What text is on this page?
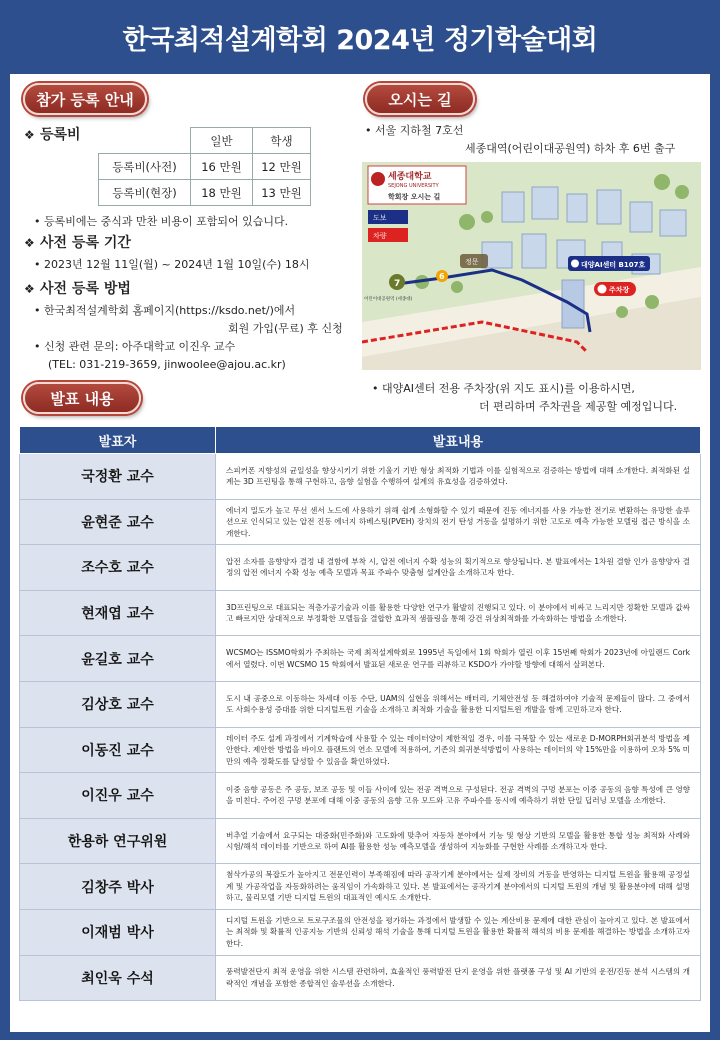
한국최적설계학회 2024년 정기학술대회
참가 등록 안내
❖ 등록비
		일반	학생
등록비(사전)	16 만원	12 만원
등록비(현장)	18 만원	13 만원
• 등록비에는 중식과 만찬 비용이 포함되어 있습니다.
❖ 사전 등록 기간
• 2023년 12월 11일(월) ~ 2024년 1월 10일(수) 18시
❖ 사전 등록 방법
• 한국최적설계학회 홈페이지(https://ksdo.net/)에서
회원 가입(무료) 후 신청
• 신청 관련 문의: 아주대학교 이진우 교수
(TEL: 031-219-3659, jinwoolee@ajou.ac.kr)
오시는 길
• 서울 지하철 7호선
세종대역(어린이대공원역) 하차 후 6번 출구
세종대학교
SEJONG UNIVERSITY
학회장 오시는 길
도보
차량
7
어린이대공원역 (세종대)
6
정문	대양AI센터 B107호
주차장
• 대양AI센터 전용 주차장(위 지도 표시)를 이용하시면,
더 편리하며 주차권을 제공할 예정입니다.
발표 내용
발표자	발표내용
국정환 교수	스피커폰 지향성의 균일성을 향상시키기 위한 기울기 기반 형상 최적화 기법과 이를 실험적으로 검증하는 방법에 대해 소개한다. 최적화된 설계는 3D 프린팅을 통해 구현하고, 음향 실험을 수행하여 설계의 유효성을 검증하였다.
윤현준 교수	에너지 밀도가 높고 무선 센서 노드에 사용하기 위해 쉽게 소형화할 수 있기 때문에 진동 에너지를 사용 가능한 전기로 변환하는 유망한 솔루션으로 인식되고 있는 압전 진동 에너지 하베스팅(PVEH) 장치의 전기 탄성 거동을 설명하기 위한 고도로 예측 가능한 모델링 접근 방식을 소개한다.
조수호 교수	압전 소자를 음향양자 결정 내 결함에 부착 시, 압전 에너지 수확 성능의 획기적으로 향상됩니다. 본 발표에서는 1차원 결함 인가 음향양자 결정의 압전 에너지 수확 성능 예측 모델과 목표 주파수 맞춤형 설계안을 소개하고자 한다.
현재엽 교수	3D프린팅으로 대표되는 적층가공기술과 이를 활용한 다양한 연구가 활발히 진행되고 있다. 이 분야에서 비싸고 느리지만 정확한 모델과 값싸고 빠르지만 상대적으로 부정확한 모델들을 결합한 효과적 샘플링을 통해 강건 위상최적화를 가속화하는 방법을 소개한다.
윤길호 교수	WCSMO는 ISSMO학회가 주최하는 국제 최적설계학회로 1995년 독일에서 1회 학회가 열린 이후 15번째 학회가 2023년에 아일랜드 Cork에서 열렸다. 이번 WCSMO 15 학회에서 발표된 새로운 연구를 리뷰하고 KSDO가 가야할 방향에 대해서 살펴본다.
김상호 교수	도시 내 공중으로 이동하는 차세대 이동 수단, UAM의 실현을 위해서는 배터리, 기체안전성 등 해결하여야 기술적 문제들이 많다. 그 중에서도 사회수용성 증대를 위한 디지털트윈 기술을 소개하고 최적화 기술을 활용한 디지털트윈 개발을 함께 고민하고자 한다.
이동진 교수	데이터 주도 설계 과정에서 기계학습에 사용할 수 있는 데이터양이 제한적일 경우, 이를 극복할 수 있는 새로운 D-MORPH회귀분석 방법을 제안한다. 제안한 방법을 바이오 플랜트의 연소 모델에 적용하여, 기존의 회귀분석방법이 사용하는 데이터의 약 15%만을 이용하여 오차 5% 미만의 예측 정확도를 달성할 수 있음을 확인하였다.
이진우 교수	이중 음향 공동은 주 공동, 보조 공동 및 이들 사이에 있는 전공 격벽으로 구성된다. 전공 격벽의 구멍 분포는 이중 공동의 음향 특성에 큰 영향을 미친다. 주어진 구멍 분포에 대해 이중 공동의 음향 고유 모드와 고유 주파수를 동시에 예측하기 위한 단일 딥러닝 모델을 소개한다.
한용하 연구위원	버추얼 기술에서 요구되는 대중화(민주화)와 고도화에 맞추어 자동차 분야에서 기능 및 형상 기반의 모델을 활용한 통합 성능 최적화 사례와 시험/해석 데이터를 기반으로 하여 AI를 활용한 성능 예측모델을 생성하여 지능화를 구현한 사례를 소개하고자 한다.
김창주 박사	첨삭가공의 복잡도가 높아지고 전문인력이 부족해짐에 따라 공작기계 분야에서는 실제 장비의 거동을 반영하는 디지털 트윈을 활용해 공정설계 및 가공작업을 자동화하려는 움직임이 가속화하고 있다. 본 발표에서는 공작기계 분야에서의 디지털 트윈의 개념 및 활용분야에 대해 설명하고, 물리모델 기반 디지털 트윈의 대표적인 예시도 소개한다.
이재범 박사	디지털 트윈을 기반으로 트로구조물의 안전성을 평가하는 과정에서 발생할 수 있는 계산비용 문제에 대한 관심이 높아지고 있다. 본 발표에서는 최적화 및 확률적 인공지능 기반의 신뢰성 해석 기술을 통해 디지털 트윈을 활용한 확률적 해석의 비용 문제를 해결하는 방법을 소개하고자 한다.
최인욱 수석	풍력발전단지 최적 운영을 위한 시스템 관련하여, 효율적인 풍력발전 단지 운영을 위한 플랫폼 구성 및 AI 기반의 운전/진동 분석 시스템의 개략적인 개념을 포함한 종합적인 솔루션을 소개한다.
